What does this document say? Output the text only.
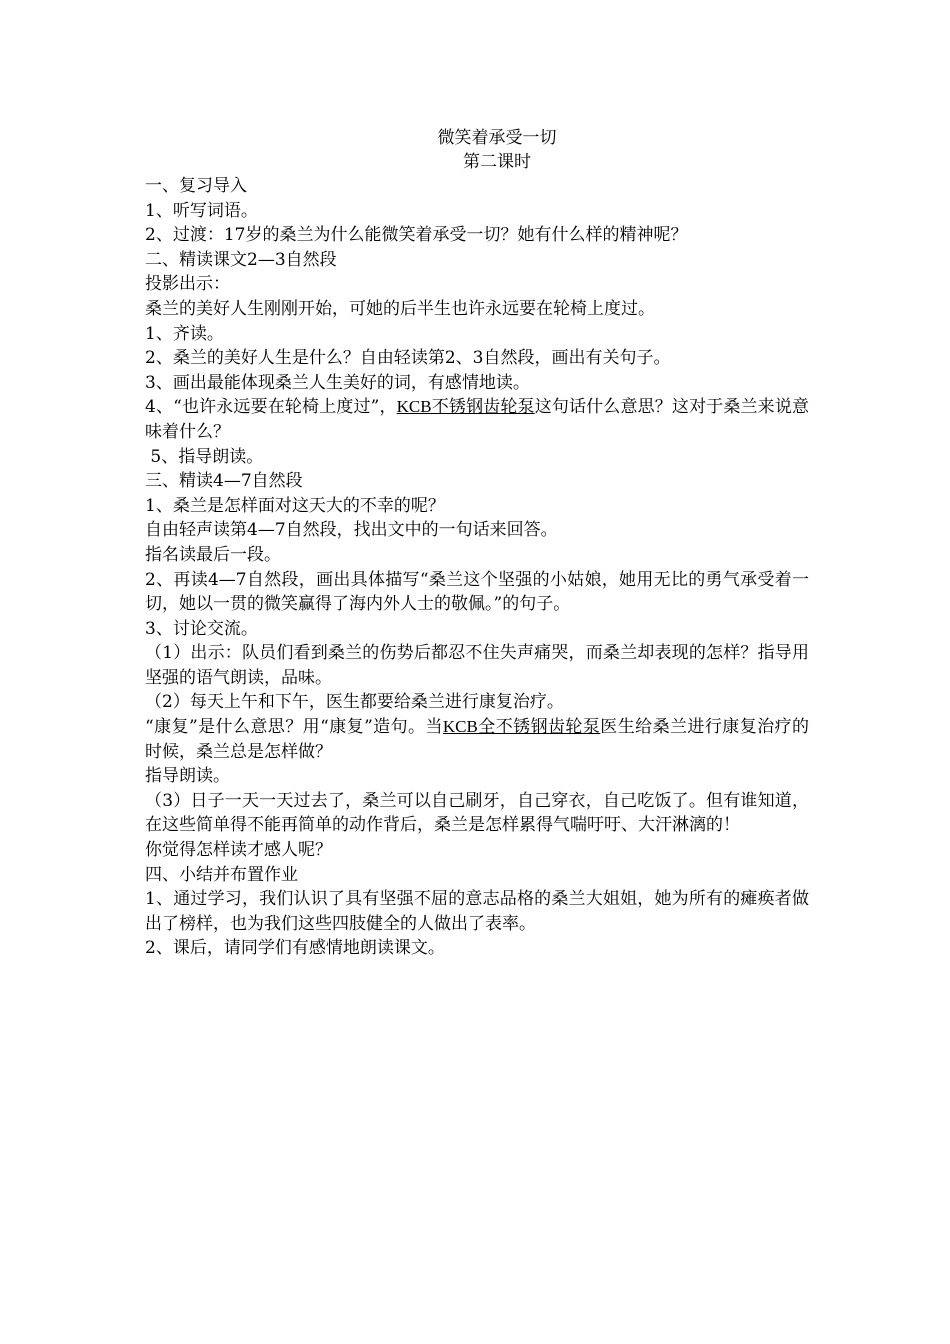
微笑着承受一切
第二课时
一、复习导入
1、听写词语。
2、过渡：17岁的桑兰为什么能微笑着承受一切？她有什么样的精神呢？
二、精读课文2—3自然段
投影出示：
桑兰的美好人生刚刚开始，可她的后半生也许永远要在轮椅上度过。
1、齐读。
2、桑兰的美好人生是什么？自由轻读第2、3自然段，画出有关句子。
3、画出最能体现桑兰人生美好的词，有感情地读。
4、“也许永远要在轮椅上度过”，KCB不锈钢齿轮泵这句话什么意思？这对于桑兰来说意味着什么？
5、指导朗读。
三、精读4—7自然段
1、桑兰是怎样面对这天大的不幸的呢？
自由轻声读第4—7自然段，找出文中的一句话来回答。
指名读最后一段。
2、再读4—7自然段，画出具体描写“桑兰这个坚强的小姑娘，她用无比的勇气承受着一切，她以一贯的微笑赢得了海内外人士的敬佩。”的句子。
3、讨论交流。
（1）出示：队员们看到桑兰的伤势后都忍不住失声痛哭，而桑兰却表现的怎样？指导用坚强的语气朗读，品味。
（2）每天上午和下午，医生都要给桑兰进行康复治疗。
“康复”是什么意思？用“康复”造句。当KCB全不锈钢齿轮泵医生给桑兰进行康复治疗的时候，桑兰总是怎样做？
指导朗读。
（3）日子一天一天过去了，桑兰可以自己刷牙，自己穿衣，自己吃饭了。但有谁知道，在这些简单得不能再简单的动作背后，桑兰是怎样累得气喘吁吁、大汗淋漓的！
你觉得怎样读才感人呢？
四、小结并布置作业
1、通过学习，我们认识了具有坚强不屈的意志品格的桑兰大姐姐，她为所有的瘫痪者做出了榜样，也为我们这些四肢健全的人做出了表率。
2、课后，请同学们有感情地朗读课文。
